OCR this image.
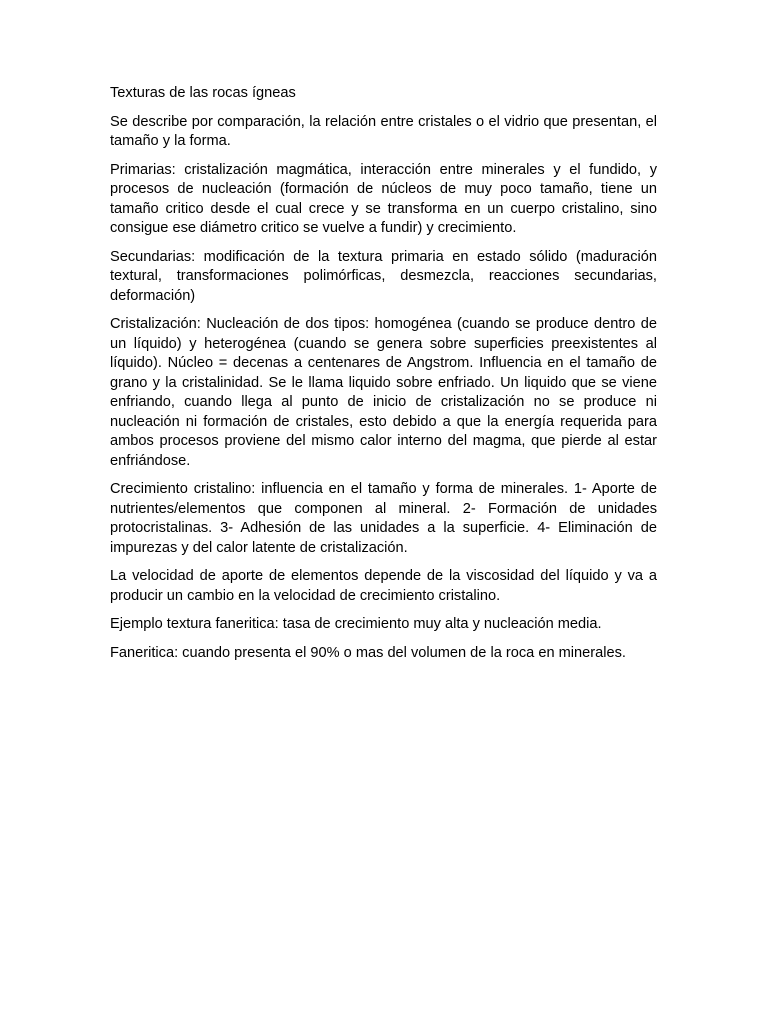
Texturas de las rocas ígneas

Se describe por comparación, la relación entre cristales o el vidrio que presentan, el tamaño y la forma.

Primarias: cristalización magmática, interacción entre minerales y el fundido, y procesos de nucleación (formación de núcleos de muy poco tamaño, tiene un tamaño critico desde el cual crece y se transforma en un cuerpo cristalino, sino consigue ese diámetro critico se vuelve a fundir) y crecimiento.

Secundarias: modificación de la textura primaria en estado sólido (maduración textural, transformaciones polimórficas, desmezcla, reacciones secundarias, deformación)

Cristalización: Nucleación de dos tipos: homogénea (cuando se produce dentro de un líquido) y heterogénea (cuando se genera sobre superficies preexistentes al líquido). Núcleo = decenas a centenares de Angstrom. Influencia en el tamaño de grano y la cristalinidad. Se le llama liquido sobre enfriado. Un liquido que se viene enfriando, cuando llega al punto de inicio de cristalización no se produce ni nucleación ni formación de cristales, esto debido a que la energía requerida para ambos procesos proviene del mismo calor interno del magma, que pierde al estar enfriándose.

Crecimiento cristalino: influencia en el tamaño y forma de minerales. 1- Aporte de nutrientes/elementos que componen al mineral. 2- Formación de unidades protocristalinas. 3- Adhesión de las unidades a la superficie. 4- Eliminación de impurezas y del calor latente de cristalización.

La velocidad de aporte de elementos depende de la viscosidad del líquido y va a producir un cambio en la velocidad de crecimiento cristalino.

Ejemplo textura faneritica: tasa de crecimiento muy alta y nucleación media.

Faneritica: cuando presenta el 90% o mas del volumen de la roca en minerales.
